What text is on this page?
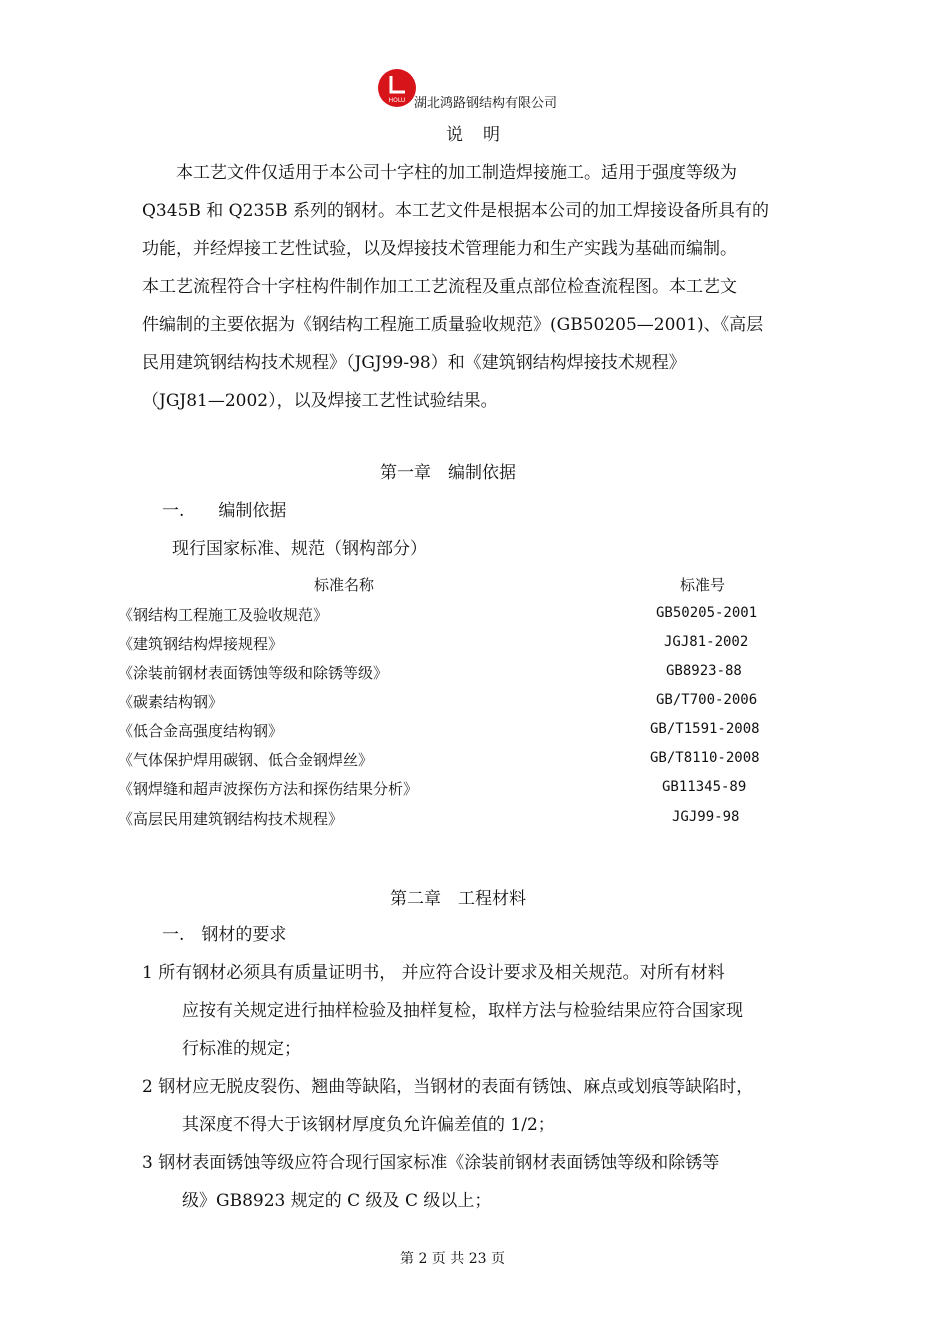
HOLU 湖北鸿路钢结构有限公司
说明
本工艺文件仅适用于本公司十字柱的加工制造焊接施工。适用于强度等级为
Q345B 和 Q235B 系列的钢材。本工艺文件是根据本公司的加工焊接设备所具有的
功能，并经焊接工艺性试验，以及焊接技术管理能力和生产实践为基础而编制。
本工艺流程符合十字柱构件制作加工工艺流程及重点部位检查流程图。本工艺文
件编制的主要依据为《钢结构工程施工质量验收规范》(GB50205—2001)、《高层
民用建筑钢结构技术规程》（JGJ99-98）和《建筑钢结构焊接技术规程》
（JGJ81—2002），以及焊接工艺性试验结果。
第一章　编制依据
一.　　编制依据
现行国家标准、规范（钢构部分）
标准名称	标准号
《钢结构工程施工及验收规范》	GB50205-2001
《建筑钢结构焊接规程》	JGJ81-2002
《涂装前钢材表面锈蚀等级和除锈等级》	GB8923-88
《碳素结构钢》	GB/T700-2006
《低合金高强度结构钢》	GB/T1591-2008
《气体保护焊用碳钢、低合金钢焊丝》	GB/T8110-2008
《钢焊缝和超声波探伤方法和探伤结果分析》	GB11345-89
《高层民用建筑钢结构技术规程》	JGJ99-98
第二章　工程材料
一.　钢材的要求
1 所有钢材必须具有质量证明书， 并应符合设计要求及相关规范。对所有材料
应按有关规定进行抽样检验及抽样复检，取样方法与检验结果应符合国家现
行标准的规定；
2 钢材应无脱皮裂伤、翘曲等缺陷，当钢材的表面有锈蚀、麻点或划痕等缺陷时，
其深度不得大于该钢材厚度负允许偏差值的 1/2；
3 钢材表面锈蚀等级应符合现行国家标准《涂装前钢材表面锈蚀等级和除锈等
级》GB8923 规定的 C 级及 C 级以上；
第 2 页 共 23 页
